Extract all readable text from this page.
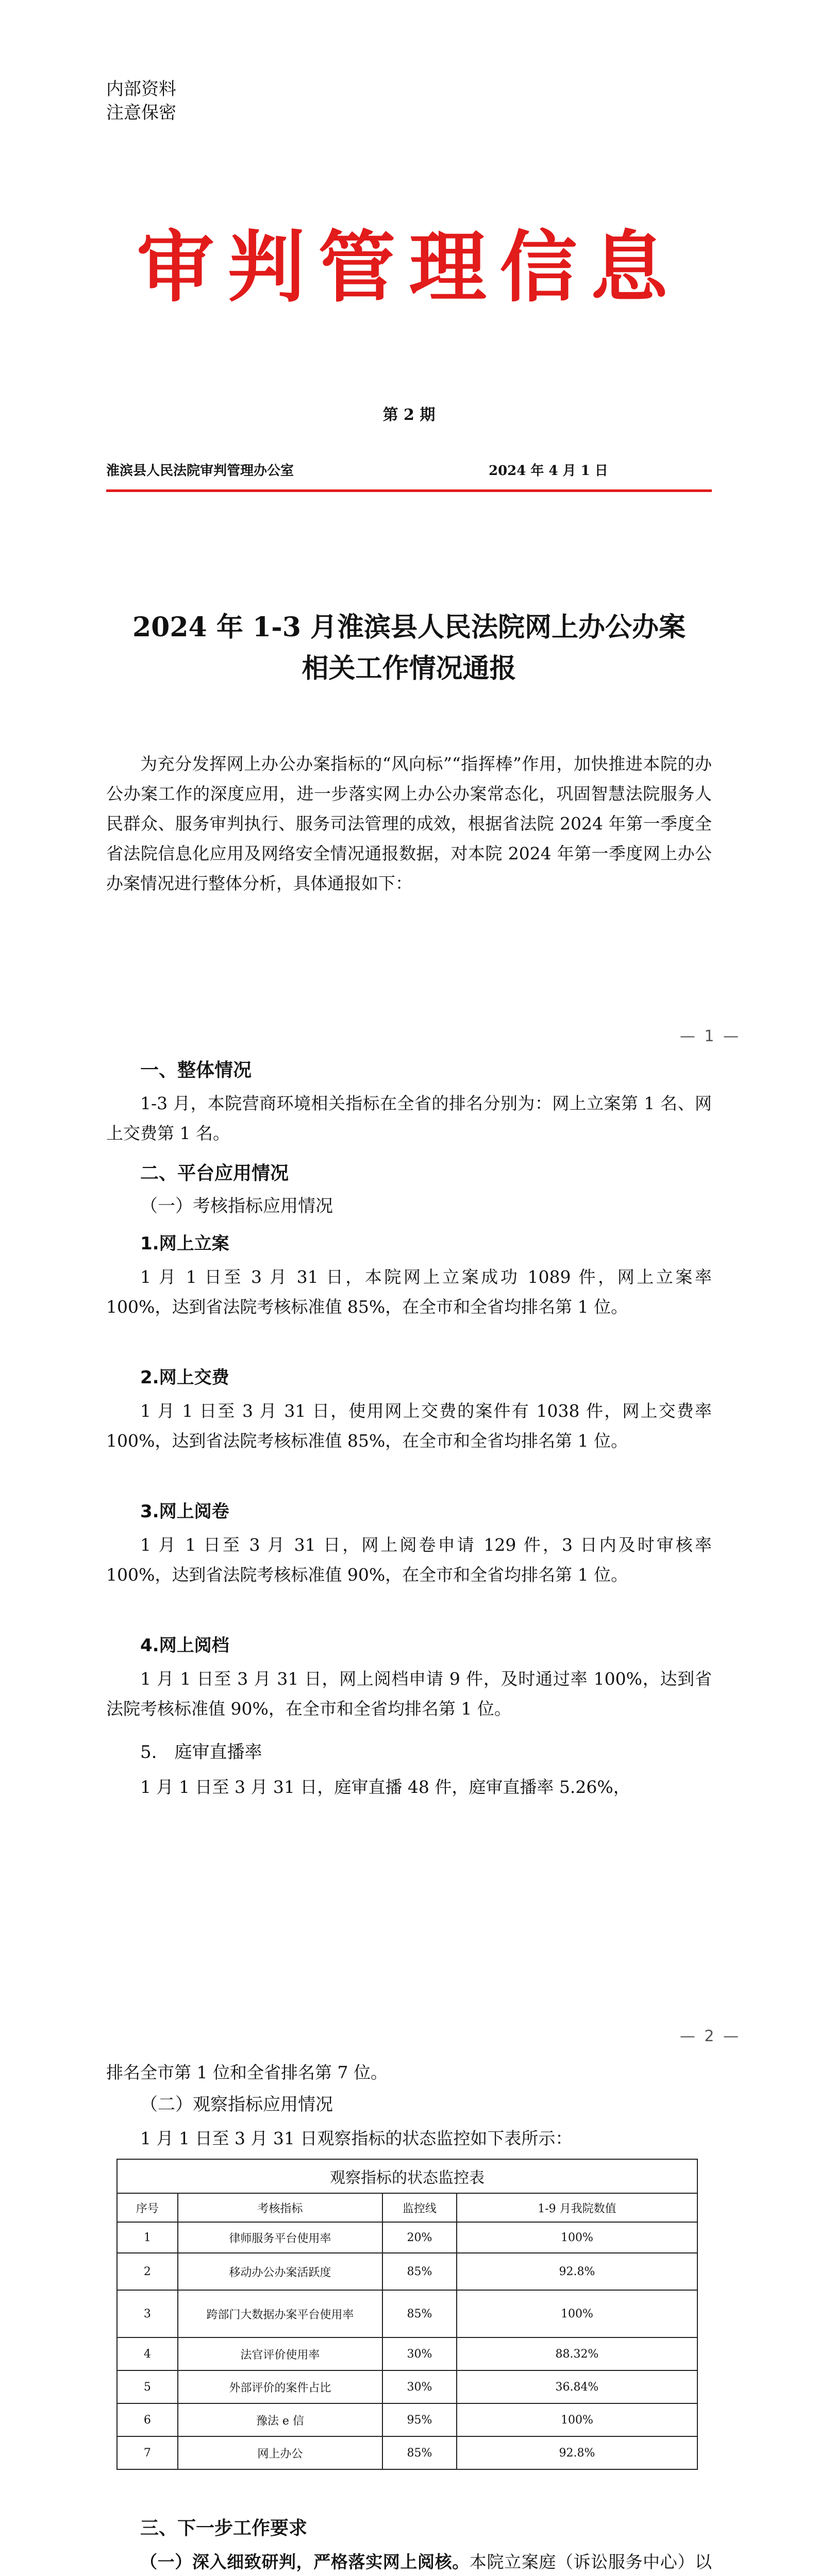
内部资料
注意保密
审判管理信息
第 2 期
淮滨县人民法院审判管理办公室	2024 年 4 月 1 日
2024 年 1-3 月淮滨县人民法院网上办公办案
相关工作情况通报
为充分发挥网上办公办案指标的“风向标”“指挥棒”作用，加快推进本院的办公办案工作的深度应用，进一步落实网上办公办案常态化，巩固智慧法院服务人民群众、服务审判执行、服务司法管理的成效，根据省法院 2024 年第一季度全省法院信息化应用及网络安全情况通报数据，对本院 2024 年第一季度网上办公办案情况进行整体分析，具体通报如下：
— 1 —
一、整体情况
1-3 月，本院营商环境相关指标在全省的排名分别为：网上立案第 1 名、网上交费第 1 名。
二、平台应用情况
（一）考核指标应用情况
1.网上立案
1 月 1 日至 3 月 31 日，本院网上立案成功 1089 件，网上立案率 100%，达到省法院考核标准值 85%，在全市和全省均排名第 1 位。
2.网上交费
1 月 1 日至 3 月 31 日，使用网上交费的案件有 1038 件，网上交费率 100%，达到省法院考核标准值 85%，在全市和全省均排名第 1 位。
3.网上阅卷
1 月 1 日至 3 月 31 日，网上阅卷申请 129 件，3 日内及时审核率 100%，达到省法院考核标准值 90%，在全市和全省均排名第 1 位。
4.网上阅档
1 月 1 日至 3 月 31 日，网上阅档申请 9 件，及时通过率 100%，达到省法院考核标准值 90%，在全市和全省均排名第 1 位。
5.　庭审直播率
1 月 1 日至 3 月 31 日，庭审直播 48 件，庭审直播率 5.26%，
— 2 —
排名全市第 1 位和全省排名第 7 位。
（二）观察指标应用情况
1 月 1 日至 3 月 31 日观察指标的状态监控如下表所示：
观察指标的状态监控表
序号	考核指标	监控线	1-9 月我院数值
1	律师服务平台使用率	20%	100%
2	移动办公办案活跃度	85%	92.8%
3	跨部门大数据办案平台使用率	85%	100%
4	法官评价使用率	30%	88.32%
5	外部评价的案件占比	30%	36.84%
6	豫法 e 信	95%	100%
7	网上办公	85%	92.8%
三、下一步工作要求
（一）深入细致研判，严格落实网上阅核。本院立案庭（诉讼服务中心）以
